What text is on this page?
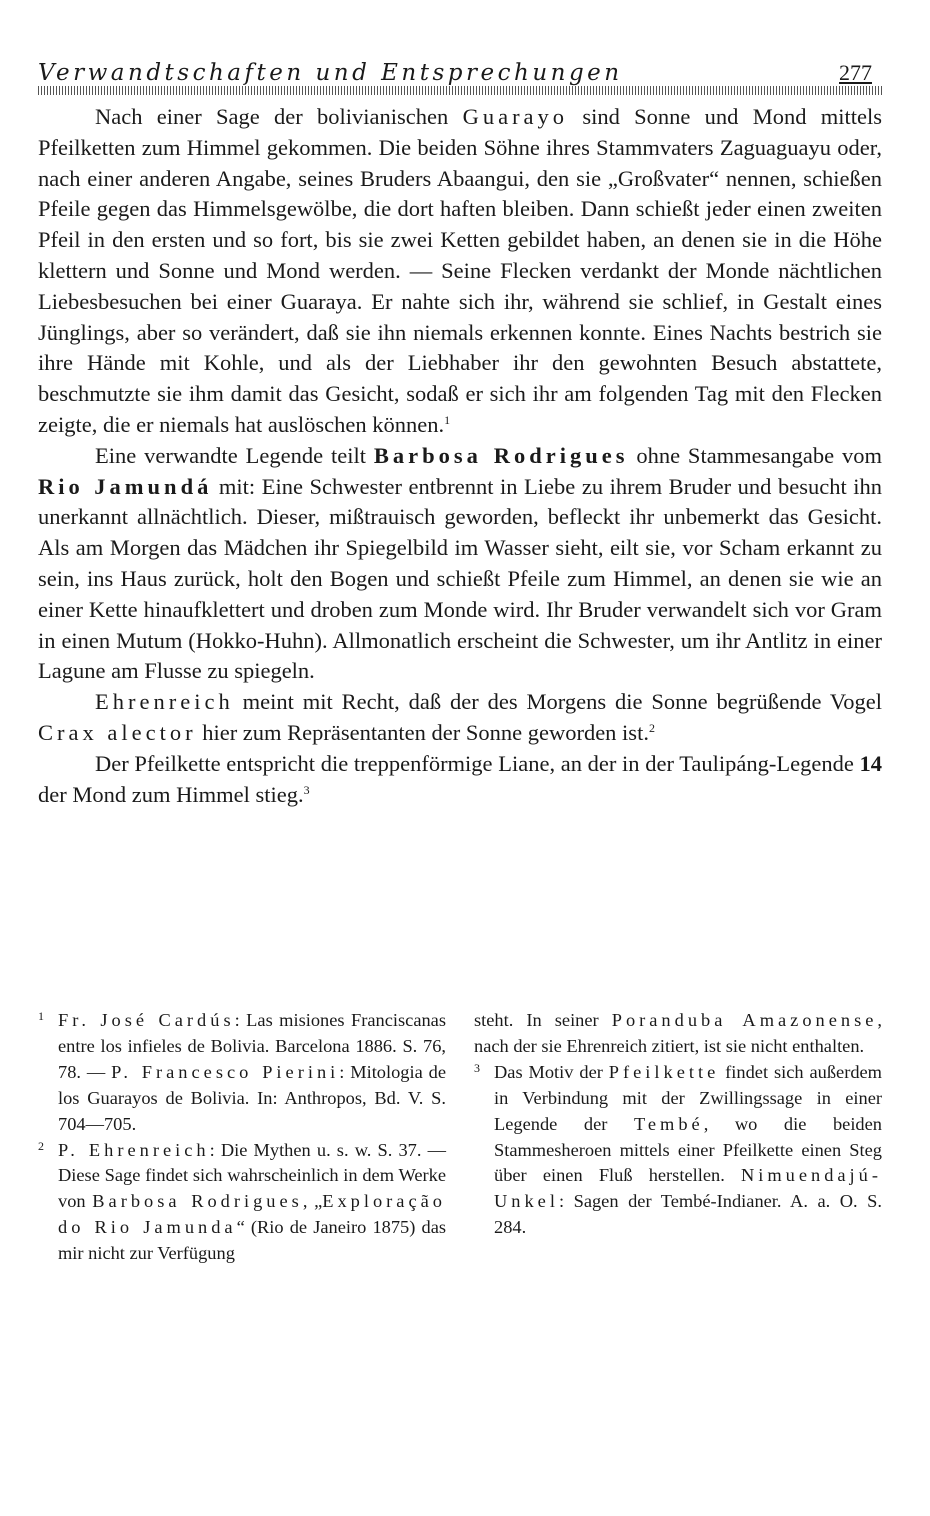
Verwandtschaften und Entsprechungen	277

Nach einer Sage der bolivianischen Guarayo sind Sonne und Mond mittels Pfeilketten zum Himmel gekommen. Die beiden Söhne ihres Stammvaters Zaguaguayu oder, nach einer anderen Angabe, seines Bruders Abaangui, den sie „Großvater“ nennen, schießen Pfeile gegen das Himmelsgewölbe, die dort haften bleiben. Dann schießt jeder einen zweiten Pfeil in den ersten und so fort, bis sie zwei Ketten gebildet haben, an denen sie in die Höhe klettern und Sonne und Mond werden. — Seine Flecken verdankt der Monde nächtlichen Liebesbesuchen bei einer Guaraya. Er nahte sich ihr, während sie schlief, in Gestalt eines Jünglings, aber so verändert, daß sie ihn niemals erkennen konnte. Eines Nachts bestrich sie ihre Hände mit Kohle, und als der Liebhaber ihr den gewohnten Besuch abstattete, beschmutzte sie ihm damit das Gesicht, sodaß er sich ihr am folgenden Tag mit den Flecken zeigte, die er niemals hat auslöschen können.$^1$

Eine verwandte Legende teilt Barbosa Rodrigues ohne Stammesangabe vom Rio Jamundá mit: Eine Schwester entbrennt in Liebe zu ihrem Bruder und besucht ihn unerkannt allnächtlich. Dieser, mißtrauisch geworden, befleckt ihr unbemerkt das Gesicht. Als am Morgen das Mädchen ihr Spiegelbild im Wasser sieht, eilt sie, vor Scham erkannt zu sein, ins Haus zurück, holt den Bogen und schießt Pfeile zum Himmel, an denen sie wie an einer Kette hinaufklettert und droben zum Monde wird. Ihr Bruder verwandelt sich vor Gram in einen Mutum (Hokko-Huhn). Allmonatlich erscheint die Schwester, um ihr Antlitz in einer Lagune am Flusse zu spiegeln.

Ehrenreich meint mit Recht, daß der des Morgens die Sonne begrüßende Vogel Crax alector hier zum Repräsentanten der Sonne geworden ist.$^2$

Der Pfeilkette entspricht die treppenförmige Liane, an der in der Taulipáng-Legende 14 der Mond zum Himmel stieg.$^3$

1 Fr. José Cardús: Las misiones Franciscanas entre los infieles de Bolivia. Barcelona 1886. S. 76, 78. — P. Francesco Pierini: Mitologia de los Guarayos de Bolivia. In: Anthropos, Bd. V. S. 704—705.

2 P. Ehrenreich: Die Mythen u. s. w. S. 37. — Diese Sage findet sich wahrscheinlich in dem Werke von Barbosa Rodrigues, „Exploração do Rio Jamunda“ (Rio de Janeiro 1875) das mir nicht zur Verfügung

steht. In seiner Poranduba Amazonense, nach der sie Ehrenreich zitiert, ist sie nicht enthalten.

3 Das Motiv der Pfeilkette findet sich außerdem in Verbindung mit der Zwillingssage in einer Legende der Tembé, wo die beiden Stammesheroen mittels einer Pfeilkette einen Steg über einen Fluß herstellen. Nimuendajú-Unkel: Sagen der Tembé-Indianer. A. a. O. S. 284.
